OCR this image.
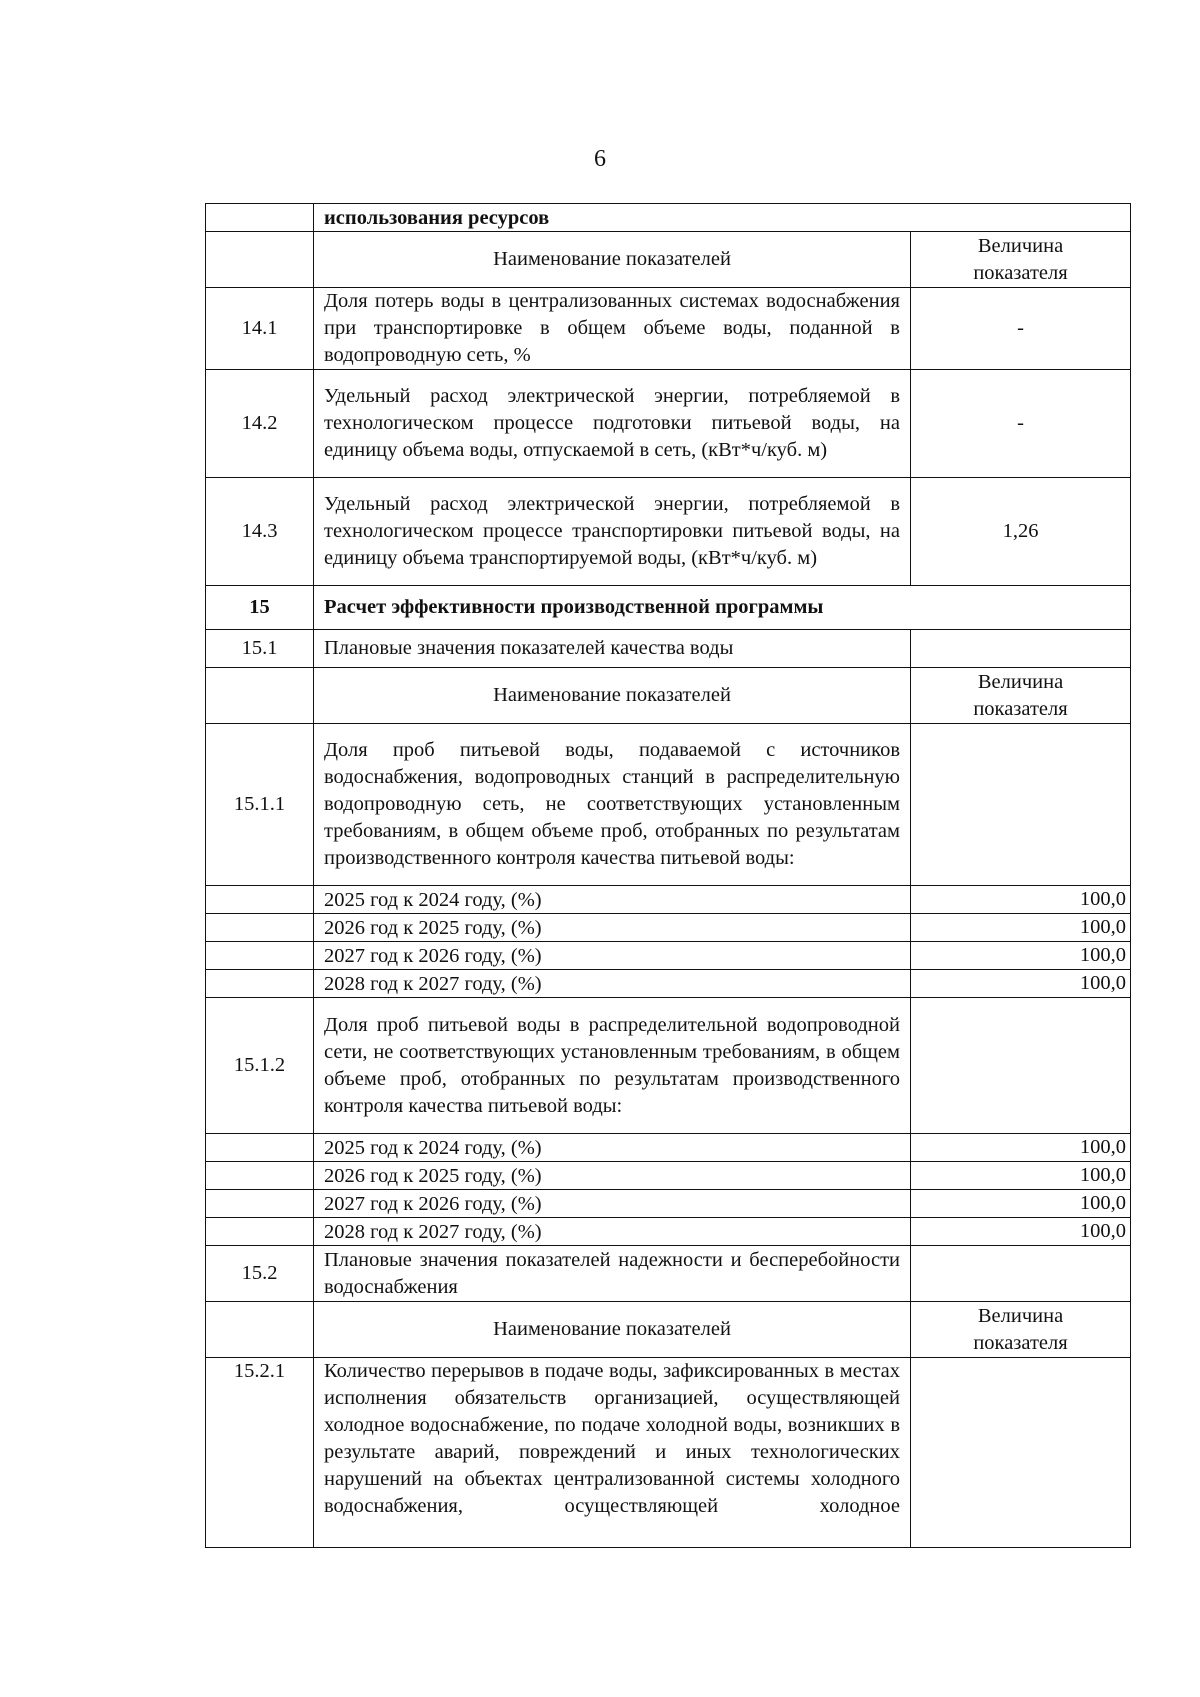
6
	использования ресурсов	
	Наименование показателей	Величина
показателя

14.1	Доля потерь воды в централизованных системах водоснабжения при транспортировке в общем объеме воды, поданной в водопроводную сеть, %	-
14.2	Удельный расход электрической энергии, потребляемой в технологическом процессе подготовки питьевой воды, на единицу объема воды, отпускаемой в сеть, (кВт*ч/куб. м)	-
14.3	Удельный расход электрической энергии, потребляемой в технологическом процессе транспортировки питьевой воды, на единицу объема транспортируемой воды, (кВт*ч/куб. м)	1,26
15	Расчет эффективности производственной программы	
15.1	Плановые значения показателей качества воды	
	Наименование показателей	Величина
показателя

15.1.1	Доля проб питьевой воды, подаваемой с источников водоснабжения, водопроводных станций в распределительную водопроводную сеть, не соответствующих установленным требованиям, в общем объеме проб, отобранных по результатам производственного контроля качества питьевой воды:	
	2025 год к 2024 году, (%)	100,0
	2026 год к 2025 году, (%)	100,0
	2027 год к 2026 году, (%)	100,0
	2028 год к 2027 году, (%)	100,0
15.1.2	Доля проб питьевой воды в распределительной водопроводной сети, не соответствующих установленным требованиям, в общем объеме проб, отобранных по результатам производственного контроля качества питьевой воды:	
	2025 год к 2024 году, (%)	100,0
	2026 год к 2025 году, (%)	100,0
	2027 год к 2026 году, (%)	100,0
	2028 год к 2027 году, (%)	100,0
15.2	Плановые значения показателей надежности и бесперебойности водоснабжения	
	Наименование показателей	Величина
показателя

15.2.1	Количество перерывов в подаче воды, зафиксированных в местах исполнения обязательств организацией, осуществляющей холодное водоснабжение, по подаче холодной воды, возникших в результате аварий, повреждений и иных технологических нарушений на объектах централизованной системы холодного водоснабжения, осуществляющей холодное	
